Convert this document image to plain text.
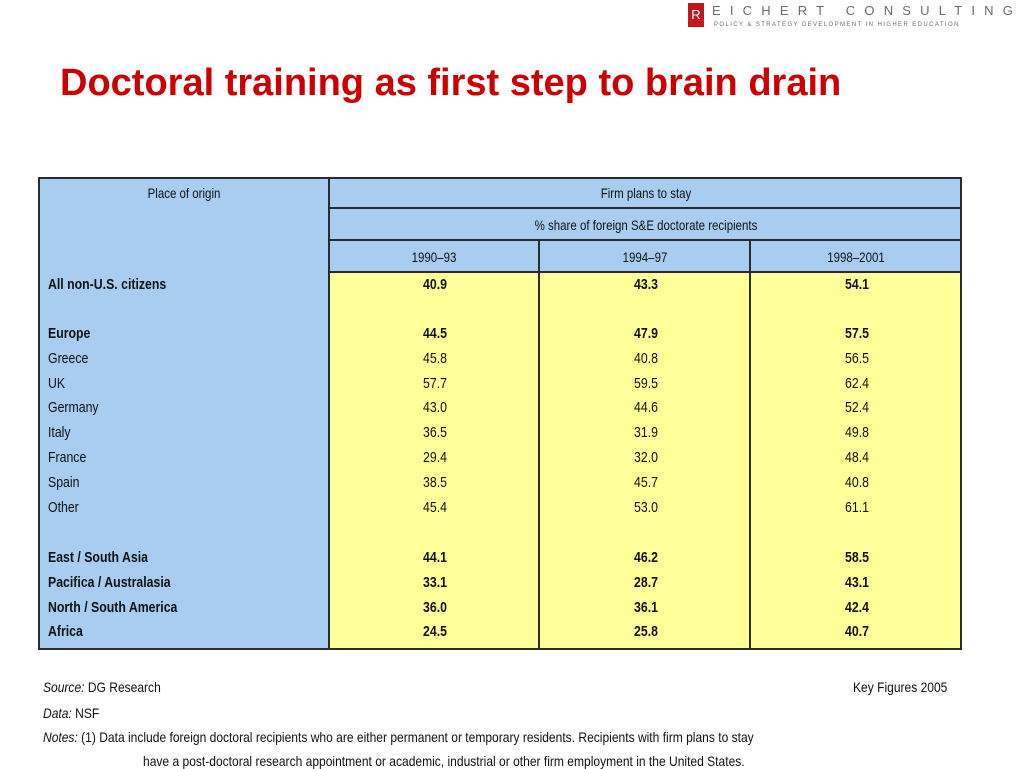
R EICHERT CONSULTING
POLICY & STRATEGY DEVELOPMENT IN HIGHER EDUCATION
Doctoral training as first step to brain drain
Place of origin	Firm plans to stay
% share of foreign S&E doctorate recipients
1990–93	1994–97	1998–2001
All non-U.S. citizens	40.9	43.3	54.1
Europe	44.5	47.9	57.5
Greece	45.8	40.8	56.5
UK	57.7	59.5	62.4
Germany	43.0	44.6	52.4
Italy	36.5	31.9	49.8
France	29.4	32.0	48.4
Spain	38.5	45.7	40.8
Other	45.4	53.0	61.1
East / South Asia	44.1	46.2	58.5
Pacifica / Australasia	33.1	28.7	43.1
North / South America	36.0	36.1	42.4
Africa	24.5	25.8	40.7
Source: DG Research	Key Figures 2005
Data: NSF
Notes: (1) Data include foreign doctoral recipients who are either permanent or temporary residents. Recipients with firm plans to stay
have a post-doctoral research appointment or academic, industrial or other firm employment in the United States.
